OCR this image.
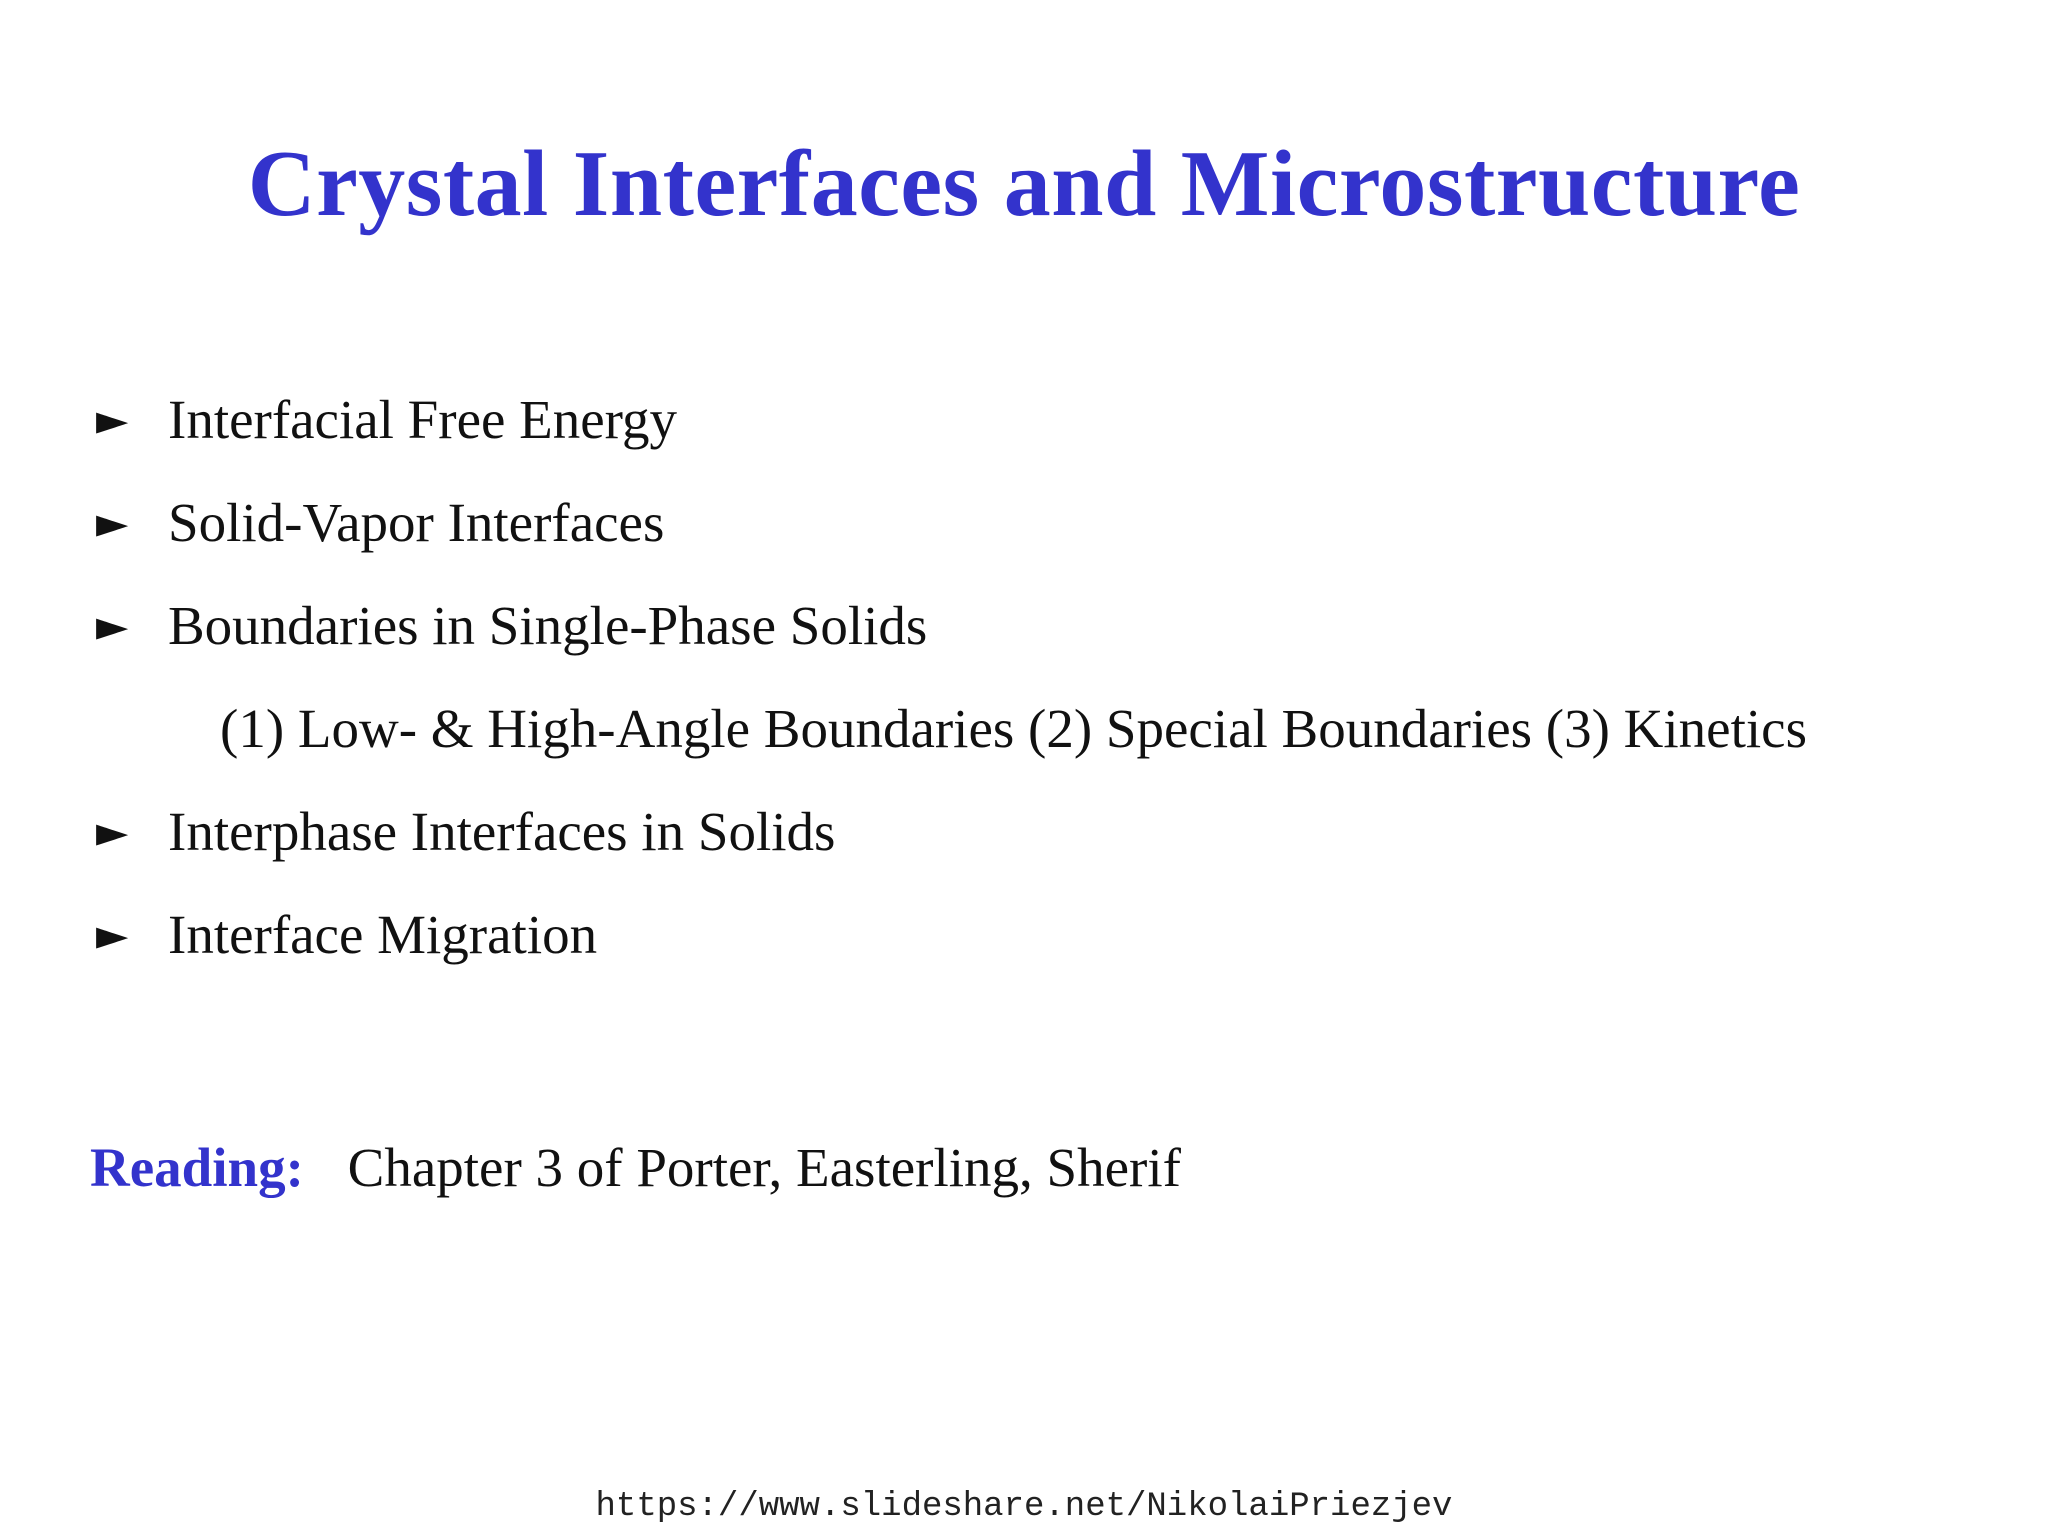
Crystal Interfaces and Microstructure
► Interfacial Free Energy
► Solid-Vapor Interfaces
► Boundaries in Single-Phase Solids
(1) Low- & High-Angle Boundaries (2) Special Boundaries (3) Kinetics
► Interphase Interfaces in Solids
► Interface Migration
Reading: Chapter 3 of Porter, Easterling, Sherif
https://www.slideshare.net/NikolaiPriezjev
